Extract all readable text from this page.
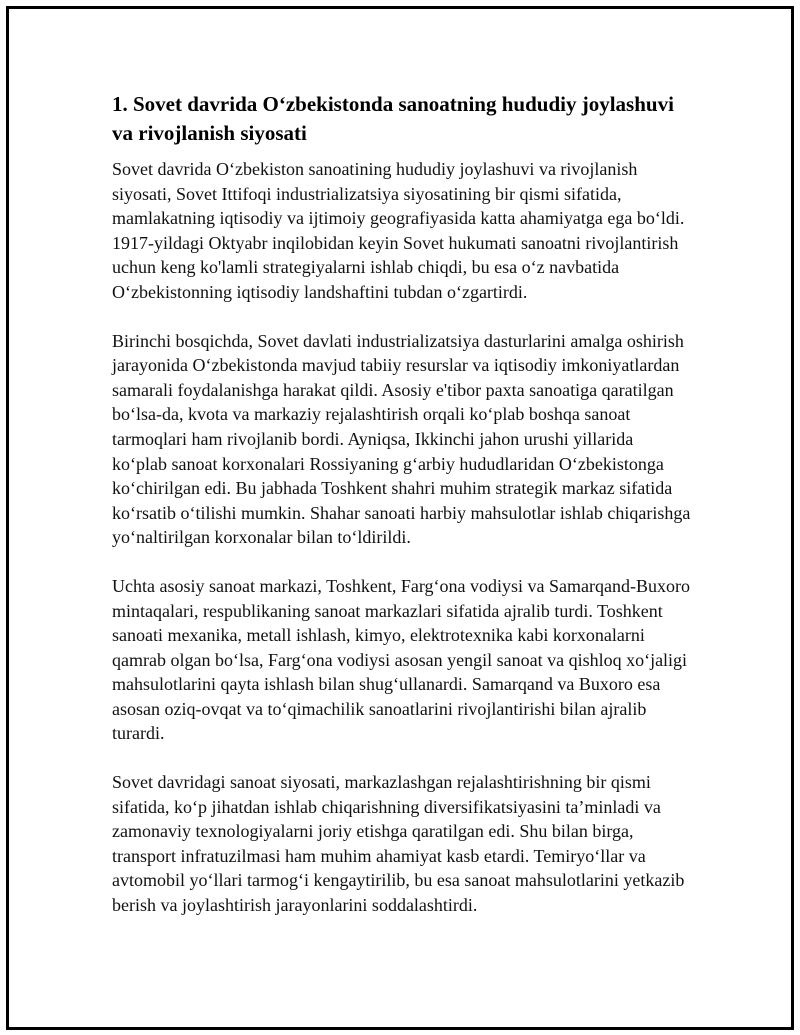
1. Sovet davrida O‘zbekistonda sanoatning hududiy joylashuvi va rivojlanish siyosati

Sovet davrida O‘zbekiston sanoatining hududiy joylashuvi va rivojlanish siyosati, Sovet Ittifoqi industrializatsiya siyosatining bir qismi sifatida, mamlakatning iqtisodiy va ijtimoiy geografiyasida katta ahamiyatga ega bo‘ldi. 1917-yildagi Oktyabr inqilobidan keyin Sovet hukumati sanoatni rivojlantirish uchun keng ko'lamli strategiyalarni ishlab chiqdi, bu esa o‘z navbatida O‘zbekistonning iqtisodiy landshaftini tubdan o‘zgartirdi.

Birinchi bosqichda, Sovet davlati industrializatsiya dasturlarini amalga oshirish jarayonida O‘zbekistonda mavjud tabiiy resurslar va iqtisodiy imkoniyatlardan samarali foydalanishga harakat qildi. Asosiy e'tibor paxta sanoatiga qaratilgan bo‘lsa-da, kvota va markaziy rejalashtirish orqali ko‘plab boshqa sanoat tarmoqlari ham rivojlanib bordi. Ayniqsa, Ikkinchi jahon urushi yillarida ko‘plab sanoat korxonalari Rossiyaning g‘arbiy hududlaridan O‘zbekistonga ko‘chirilgan edi. Bu jabhada Toshkent shahri muhim strategik markaz sifatida ko‘rsatib o‘tilishi mumkin. Shahar sanoati harbiy mahsulotlar ishlab chiqarishga yo‘naltirilgan korxonalar bilan to‘ldirildi.

Uchta asosiy sanoat markazi, Toshkent, Farg‘ona vodiysi va Samarqand-Buxoro mintaqalari, respublikaning sanoat markazlari sifatida ajralib turdi. Toshkent sanoati mexanika, metall ishlash, kimyo, elektrotexnika kabi korxonalarni qamrab olgan bo‘lsa, Farg‘ona vodiysi asosan yengil sanoat va qishloq xo‘jaligi mahsulotlarini qayta ishlash bilan shug‘ullanardi. Samarqand va Buxoro esa asosan oziq-ovqat va to‘qimachilik sanoatlarini rivojlantirishi bilan ajralib turardi.

Sovet davridagi sanoat siyosati, markazlashgan rejalashtirishning bir qismi sifatida, ko‘p jihatdan ishlab chiqarishning diversifikatsiyasini ta’minladi va zamonaviy texnologiyalarni joriy etishga qaratilgan edi. Shu bilan birga, transport infratuzilmasi ham muhim ahamiyat kasb etardi. Temiryo‘llar va avtomobil yo‘llari tarmog‘i kengaytirilib, bu esa sanoat mahsulotlarini yetkazib berish va joylashtirish jarayonlarini soddalashtirdi.
